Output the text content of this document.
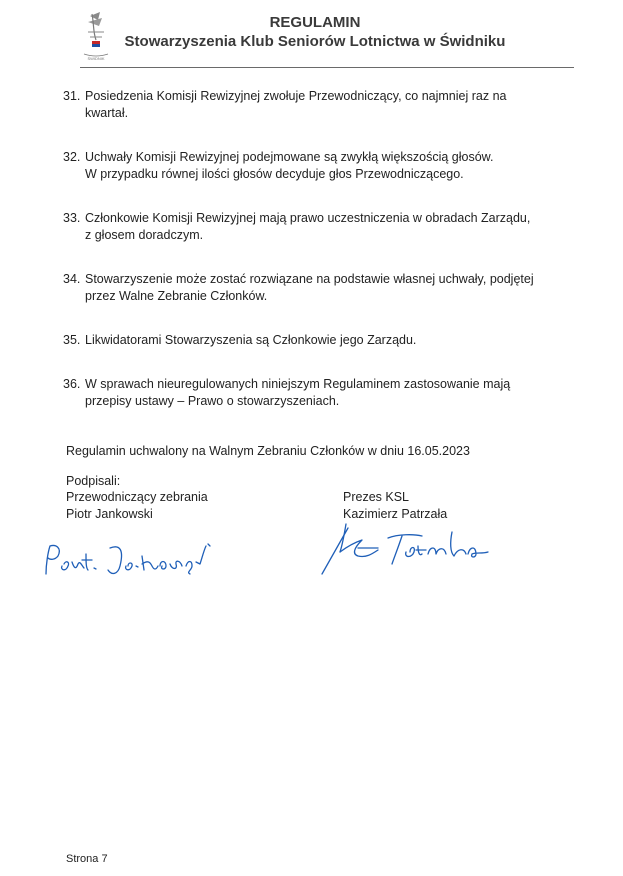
ŚWIDNIK
REGULAMIN
Stowarzyszenia Klub Seniorów Lotnictwa w Świdniku
31. Posiedzenia Komisji Rewizyjnej zwołuje Przewodniczący, co najmniej raz na
kwartał.
32. Uchwały Komisji Rewizyjnej podejmowane są zwykłą większością głosów.
W przypadku równej ilości głosów decyduje głos Przewodniczącego.
33. Członkowie Komisji Rewizyjnej mają prawo uczestniczenia w obradach Zarządu,
z głosem doradczym.
34. Stowarzyszenie może zostać rozwiązane na podstawie własnej uchwały, podjętej
przez Walne Zebranie Członków.
35. Likwidatorami Stowarzyszenia są Członkowie jego Zarządu.
36. W sprawach nieuregulowanych niniejszym Regulaminem zastosowanie mają
przepisy ustawy – Prawo o stowarzyszeniach.
Regulamin uchwalony na Walnym Zebraniu Członków w dniu 16.05.2023
Podpisali:
Przewodniczący zebrania
Piotr Jankowski
Prezes KSL
Kazimierz Patrzała
Strona 7
